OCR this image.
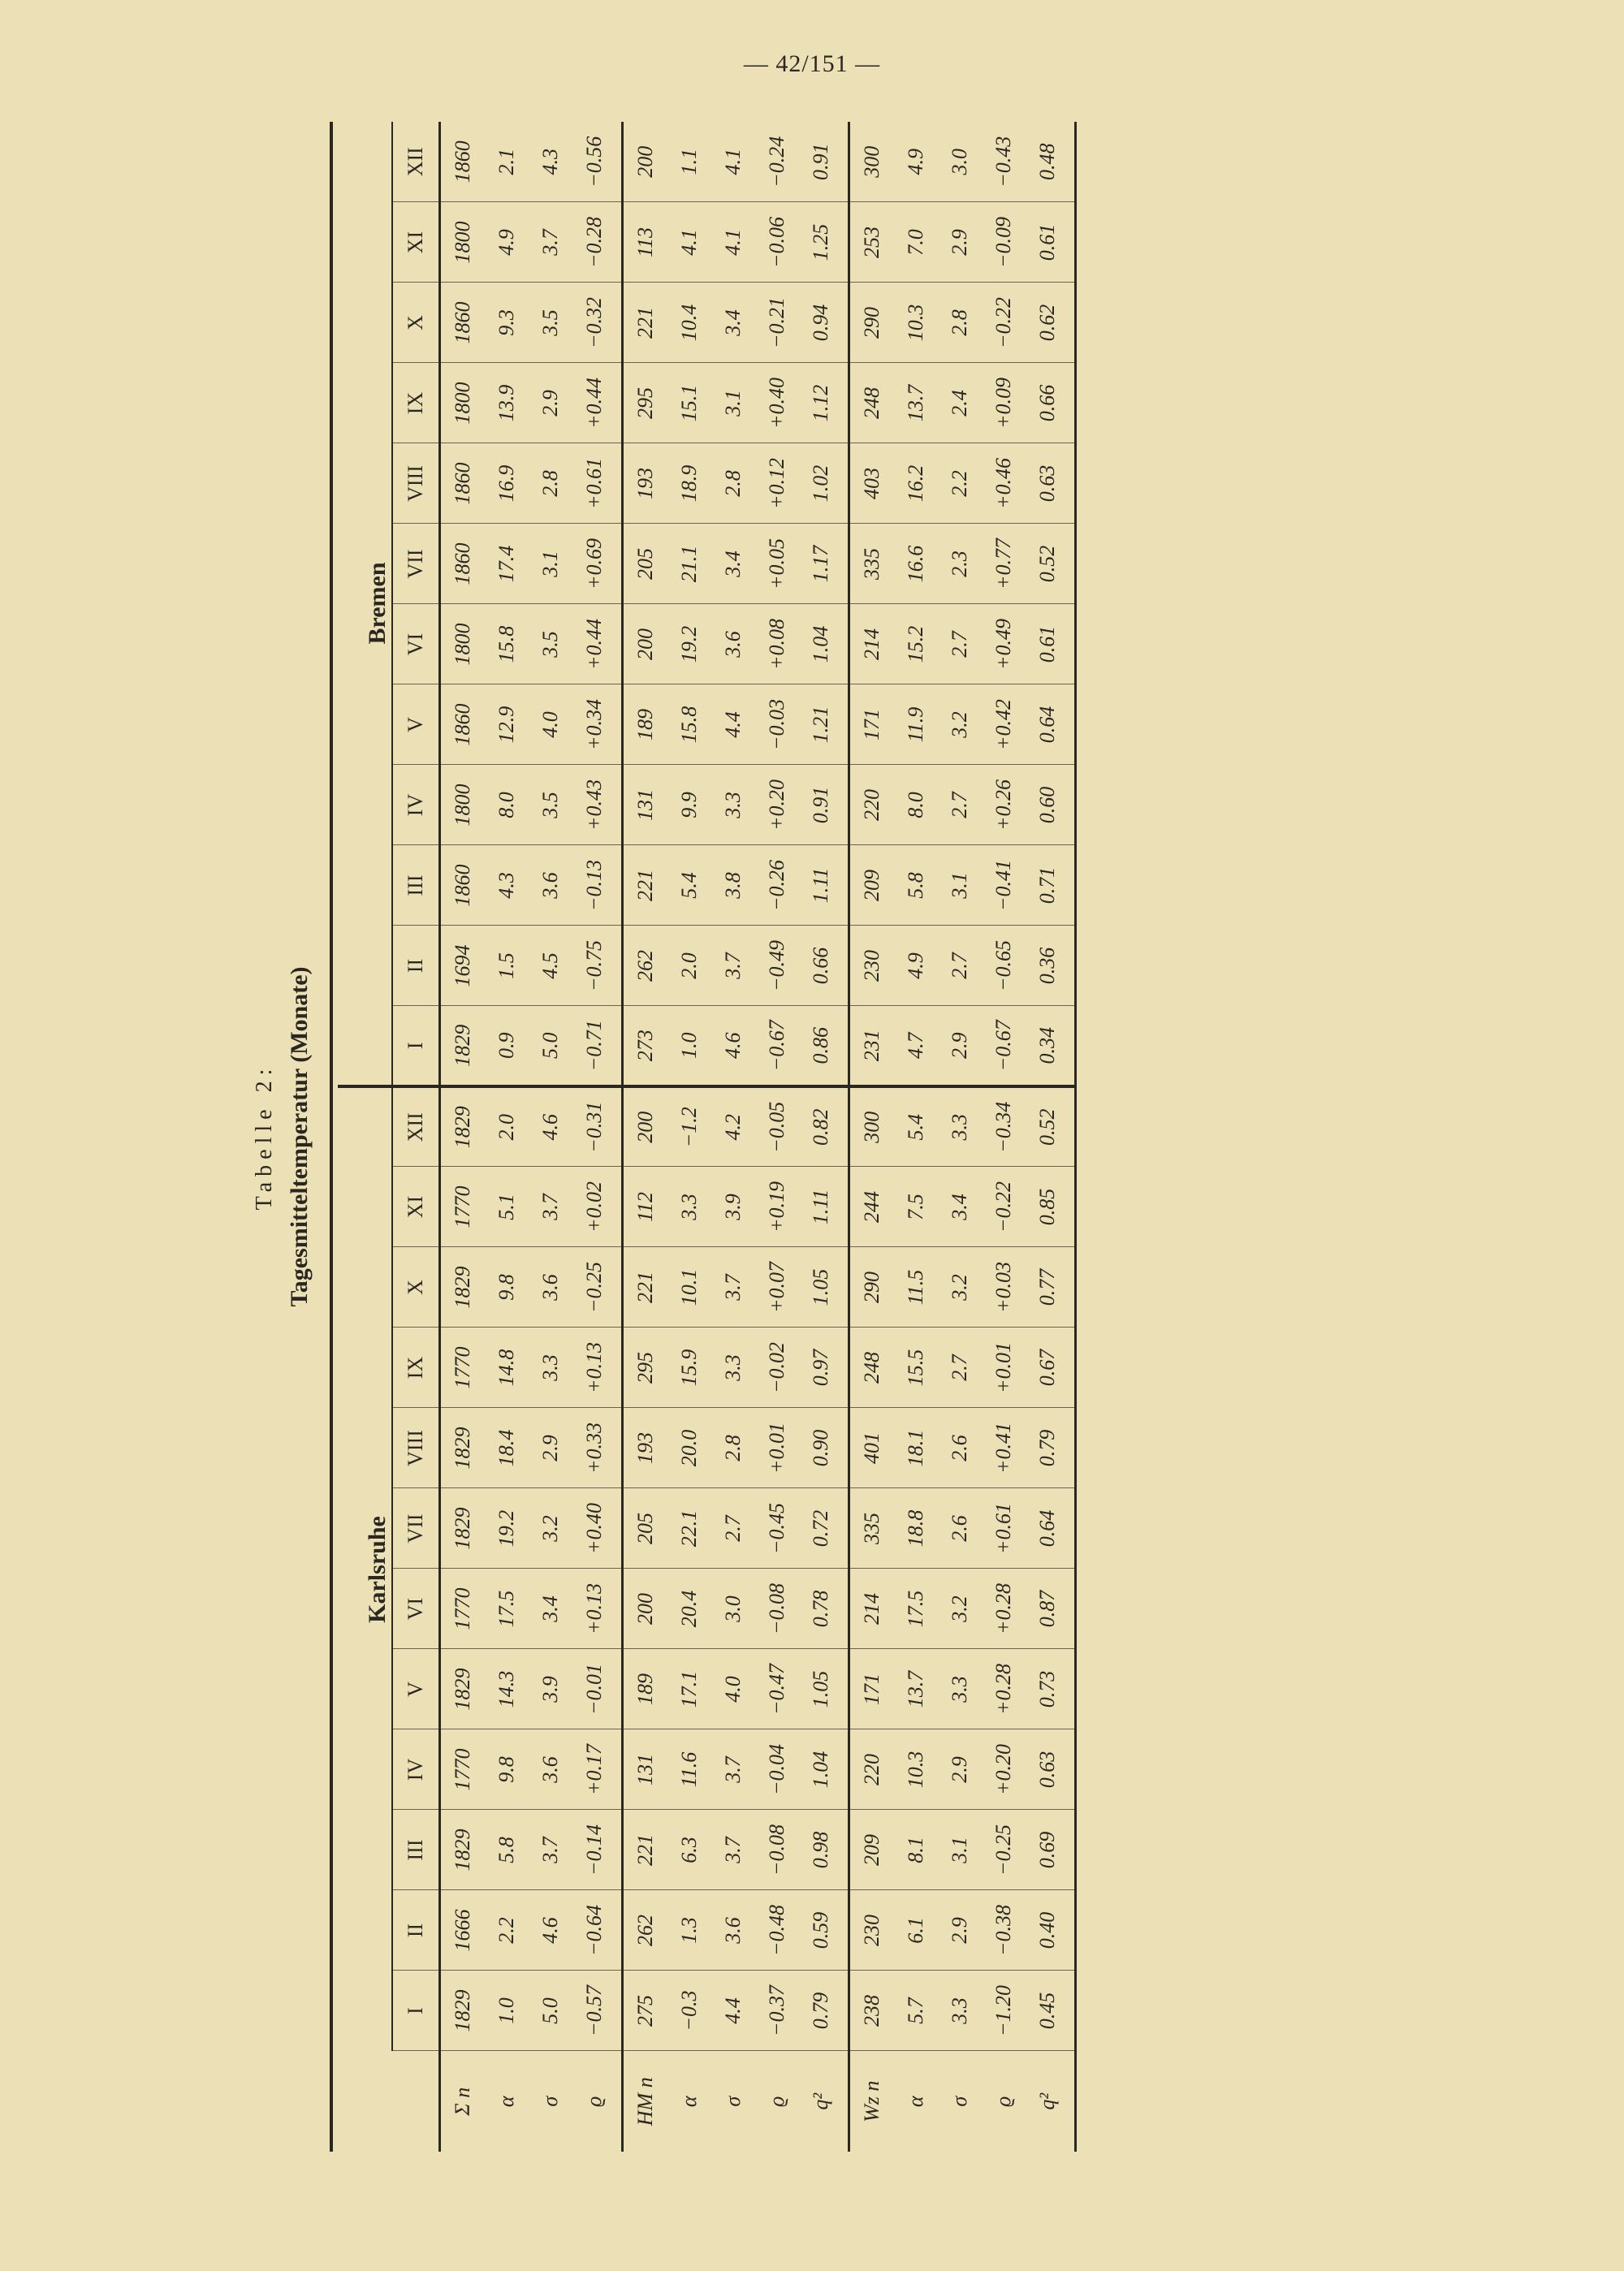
— 42/151 —
Tabelle 2: Tagesmitteltemperatur (Monate)

	Karlsruhe												Bremen											
	I	II	III	IV	V	VI	VII	VIII	IX	X	XI	XII	I	II	III	IV	V	VI	VII	VIII	IX	X	XI	XII
Σ n	1829	1666	1829	1770	1829	1770	1829	1829	1770	1829	1770	1829	1829	1694	1860	1800	1860	1800	1860	1860	1800	1860	1800	1860
α	1.0	2.2	5.8	9.8	14.3	17.5	19.2	18.4	14.8	9.8	5.1	2.0	0.9	1.5	4.3	8.0	12.9	15.8	17.4	16.9	13.9	9.3	4.9	2.1
σ	5.0	4.6	3.7	3.6	3.9	3.4	3.2	2.9	3.3	3.6	3.7	4.6	5.0	4.5	3.6	3.5	4.0	3.5	3.1	2.8	2.9	3.5	3.7	4.3
ϱ	−0.57	−0.64	−0.14	+0.17	−0.01	+0.13	+0.40	+0.33	+0.13	−0.25	+0.02	−0.31	−0.71	−0.75	−0.13	+0.43	+0.34	+0.44	+0.69	+0.61	+0.44	−0.32	−0.28	−0.56
HM n	275	262	221	131	189	200	205	193	295	221	112	200	273	262	221	131	189	200	205	193	295	221	113	200
α	−0.3	1.3	6.3	11.6	17.1	20.4	22.1	20.0	15.9	10.1	3.3	−1.2	1.0	2.0	5.4	9.9	15.8	19.2	21.1	18.9	15.1	10.4	4.1	1.1
σ	4.4	3.6	3.7	3.7	4.0	3.0	2.7	2.8	3.3	3.7	3.9	4.2	4.6	3.7	3.8	3.3	4.4	3.6	3.4	2.8	3.1	3.4	4.1	4.1
ϱ	−0.37	−0.48	−0.08	−0.04	−0.47	−0.08	−0.45	+0.01	−0.02	+0.07	+0.19	−0.05	−0.67	−0.49	−0.26	+0.20	−0.03	+0.08	+0.05	+0.12	+0.40	−0.21	−0.06	−0.24
q²	0.79	0.59	0.98	1.04	1.05	0.78	0.72	0.90	0.97	1.05	1.11	0.82	0.86	0.66	1.11	0.91	1.21	1.04	1.17	1.02	1.12	0.94	1.25	0.91
Wz n	238	230	209	220	171	214	335	401	248	290	244	300	231	230	209	220	171	214	335	403	248	290	253	300
α	5.7	6.1	8.1	10.3	13.7	17.5	18.8	18.1	15.5	11.5	7.5	5.4	4.7	4.9	5.8	8.0	11.9	15.2	16.6	16.2	13.7	10.3	7.0	4.9
σ	3.3	2.9	3.1	2.9	3.3	3.2	2.6	2.6	2.7	3.2	3.4	3.3	2.9	2.7	3.1	2.7	3.2	2.7	2.3	2.2	2.4	2.8	2.9	3.0
ϱ	−1.20	−0.38	−0.25	+0.20	+0.28	+0.28	+0.61	+0.41	+0.01	+0.03	−0.22	−0.34	−0.67	−0.65	−0.41	+0.26	+0.42	+0.49	+0.77	+0.46	+0.09	−0.22	−0.09	−0.43
q²	0.45	0.40	0.69	0.63	0.73	0.87	0.64	0.79	0.67	0.77	0.85	0.52	0.34	0.36	0.71	0.60	0.64	0.61	0.52	0.63	0.66	0.62	0.61	0.48
